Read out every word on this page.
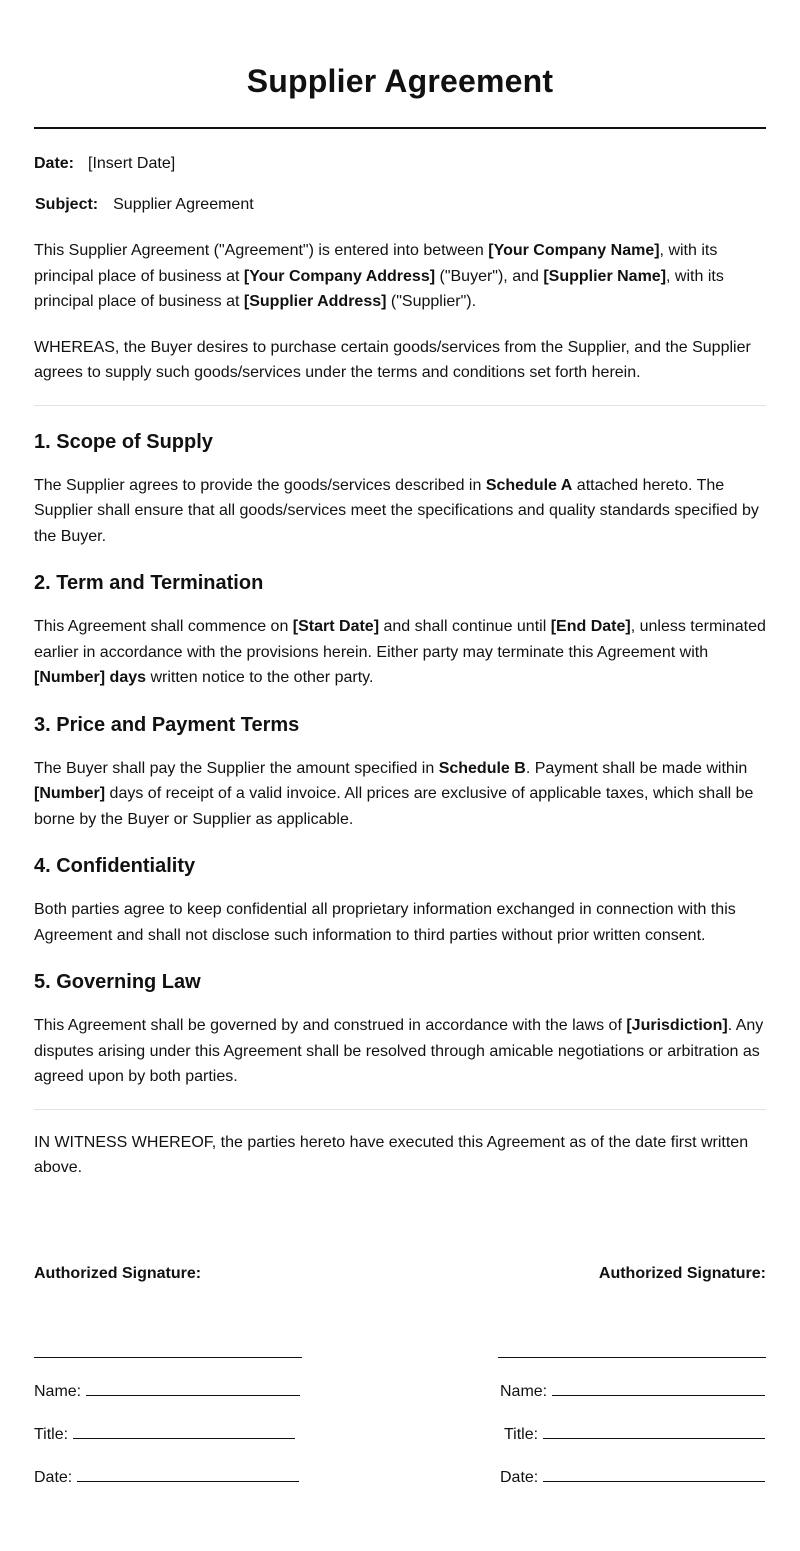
Supplier Agreement
Date: [Insert Date]
Subject: Supplier Agreement

This Supplier Agreement ("Agreement") is entered into between [Your Company Name], with its principal place of business at [Your Company Address] ("Buyer"), and [Supplier Name], with its principal place of business at [Supplier Address] ("Supplier").

WHEREAS, the Buyer desires to purchase certain goods/services from the Supplier, and the Supplier agrees to supply such goods/services under the terms and conditions set forth herein.

1. Scope of Supply

The Supplier agrees to provide the goods/services described in Schedule A attached hereto. The Supplier shall ensure that all goods/services meet the specifications and quality standards specified by the Buyer.

2. Term and Termination

This Agreement shall commence on [Start Date] and shall continue until [End Date], unless terminated earlier in accordance with the provisions herein. Either party may terminate this Agreement with [Number] days written notice to the other party.

3. Price and Payment Terms

The Buyer shall pay the Supplier the amount specified in Schedule B. Payment shall be made within [Number] days of receipt of a valid invoice. All prices are exclusive of applicable taxes, which shall be borne by the Buyer or Supplier as applicable.

4. Confidentiality

Both parties agree to keep confidential all proprietary information exchanged in connection with this Agreement and shall not disclose such information to third parties without prior written consent.

5. Governing Law

This Agreement shall be governed by and construed in accordance with the laws of [Jurisdiction]. Any disputes arising under this Agreement shall be resolved through amicable negotiations or arbitration as agreed upon by both parties.

IN WITNESS WHEREOF, the parties hereto have executed this Agreement as of the date first written above.

Authorized Signature:
Name:
Title:
Date:
Authorized Signature:
Name:
Title:
Date:
